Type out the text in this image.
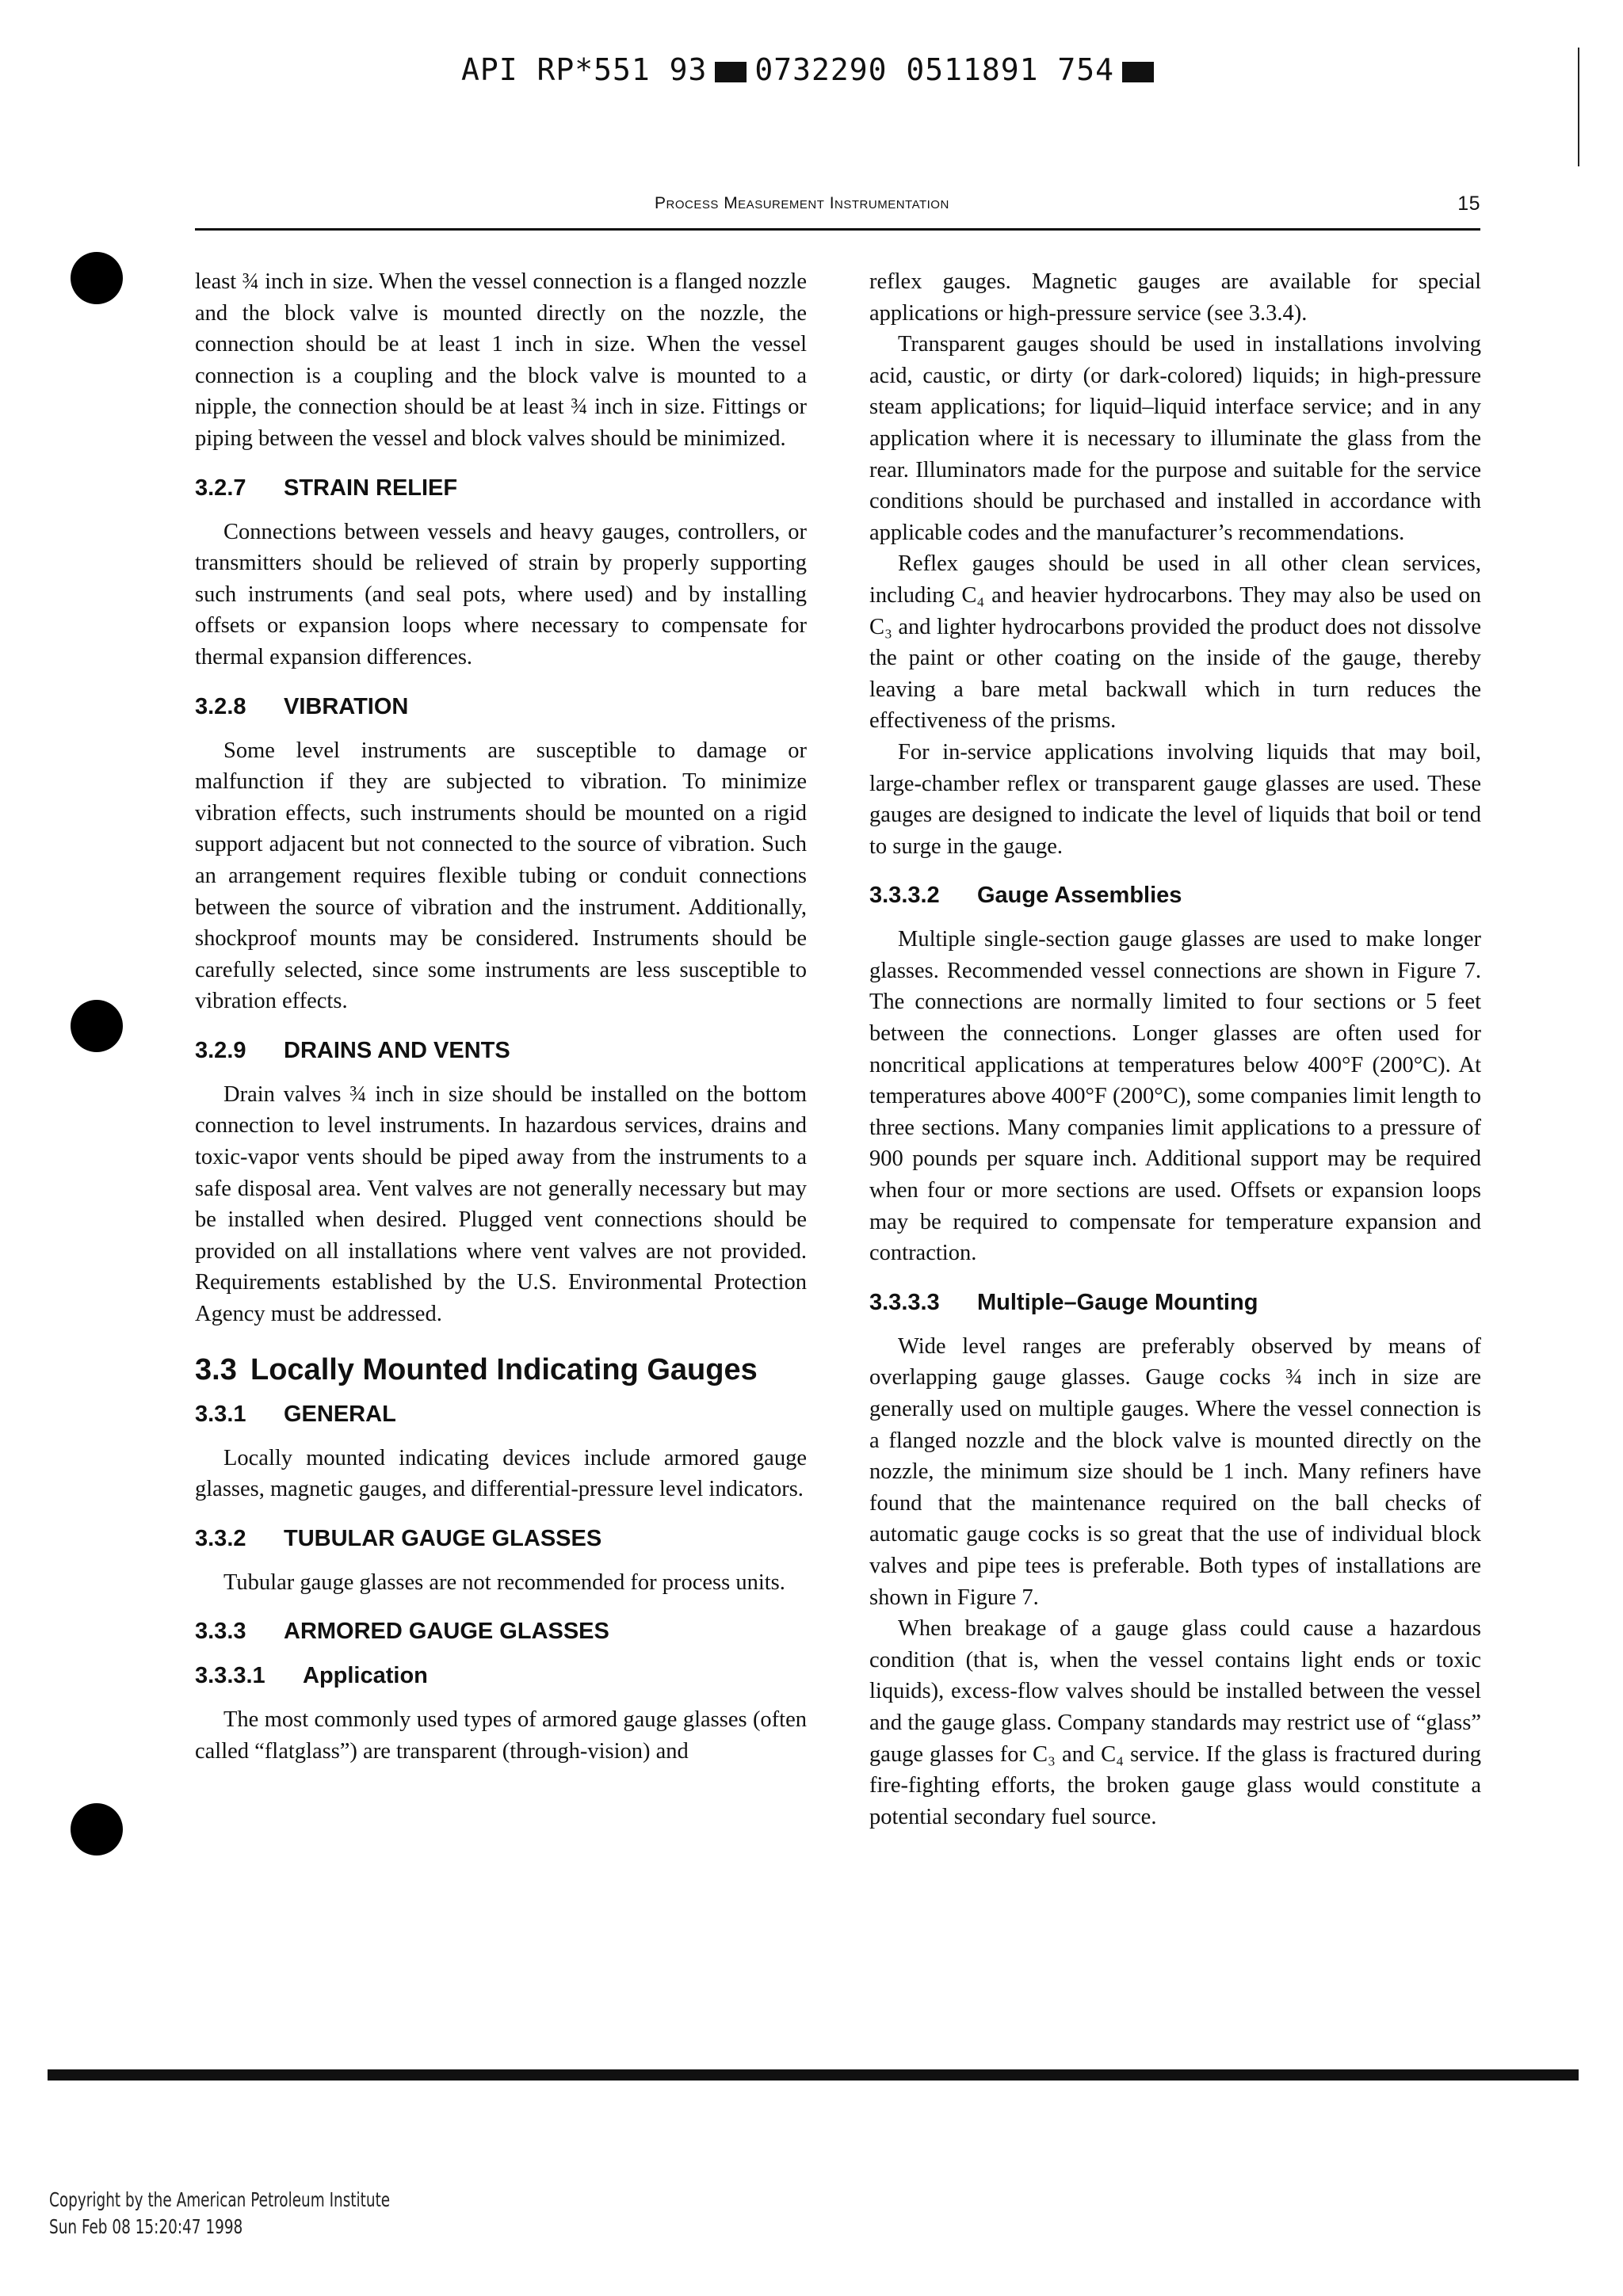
API RP*551 93 0732290 0511891 754
Process Measurement Instrumentation	15

least ¾ inch in size. When the vessel connection is a flanged nozzle and the block valve is mounted directly on the nozzle, the connection should be at least 1 inch in size. When the vessel connection is a coupling and the block valve is mounted to a nipple, the connection should be at least ¾ inch in size. Fittings or piping between the vessel and block valves should be minimized.

3.2.7 STRAIN RELIEF

Connections between vessels and heavy gauges, controllers, or transmitters should be relieved of strain by properly supporting such instruments (and seal pots, where used) and by installing offsets or expansion loops where necessary to compensate for thermal expansion differences.

3.2.8 VIBRATION

Some level instruments are susceptible to damage or malfunction if they are subjected to vibration. To minimize vibration effects, such instruments should be mounted on a rigid support adjacent but not connected to the source of vibration. Such an arrangement requires flexible tubing or conduit connections between the source of vibration and the instrument. Additionally, shockproof mounts may be considered. Instruments should be carefully selected, since some instruments are less susceptible to vibration effects.

3.2.9 DRAINS AND VENTS

Drain valves ¾ inch in size should be installed on the bottom connection to level instruments. In hazardous services, drains and toxic-vapor vents should be piped away from the instruments to a safe disposal area. Vent valves are not generally necessary but may be installed when desired. Plugged vent connections should be provided on all installations where vent valves are not provided. Requirements established by the U.S. Environmental Protection Agency must be addressed.

3.3 Locally Mounted Indicating Gauges
3.3.1 GENERAL

Locally mounted indicating devices include armored gauge glasses, magnetic gauges, and differential-pressure level indicators.

3.3.2 TUBULAR GAUGE GLASSES

Tubular gauge glasses are not recommended for process units.

3.3.3 ARMORED GAUGE GLASSES
3.3.3.1 Application

The most commonly used types of armored gauge glasses (often called “flatglass”) are transparent (through-vision) and

reflex gauges. Magnetic gauges are available for special applications or high-pressure service (see 3.3.4).

Transparent gauges should be used in installations involving acid, caustic, or dirty (or dark-colored) liquids; in high-pressure steam applications; for liquid–liquid interface service; and in any application where it is necessary to illuminate the glass from the rear. Illuminators made for the purpose and suitable for the service conditions should be purchased and installed in accordance with applicable codes and the manufacturer’s recommendations.

Reflex gauges should be used in all other clean services, including C₄ and heavier hydrocarbons. They may also be used on C₃ and lighter hydrocarbons provided the product does not dissolve the paint or other coating on the inside of the gauge, thereby leaving a bare metal backwall which in turn reduces the effectiveness of the prisms.

For in-service applications involving liquids that may boil, large-chamber reflex or transparent gauge glasses are used. These gauges are designed to indicate the level of liquids that boil or tend to surge in the gauge.

3.3.3.2 Gauge Assemblies

Multiple single-section gauge glasses are used to make longer glasses. Recommended vessel connections are shown in Figure 7. The connections are normally limited to four sections or 5 feet between the connections. Longer glasses are often used for noncritical applications at temperatures below 400°F (200°C). At temperatures above 400°F (200°C), some companies limit length to three sections. Many companies limit applications to a pressure of 900 pounds per square inch. Additional support may be required when four or more sections are used. Offsets or expansion loops may be required to compensate for temperature expansion and contraction.

3.3.3.3 Multiple–Gauge Mounting

Wide level ranges are preferably observed by means of overlapping gauge glasses. Gauge cocks ¾ inch in size are generally used on multiple gauges. Where the vessel connection is a flanged nozzle and the block valve is mounted directly on the nozzle, the minimum size should be 1 inch. Many refiners have found that the maintenance required on the ball checks of automatic gauge cocks is so great that the use of individual block valves and pipe tees is preferable. Both types of installations are shown in Figure 7.

When breakage of a gauge glass could cause a hazardous condition (that is, when the vessel contains light ends or toxic liquids), excess-flow valves should be installed between the vessel and the gauge glass. Company standards may restrict use of “glass” gauge glasses for C₃ and C₄ service. If the glass is fractured during fire-fighting efforts, the broken gauge glass would constitute a potential secondary fuel source.

Copyright by the American Petroleum Institute
Sun Feb 08 15:20:47 1998
